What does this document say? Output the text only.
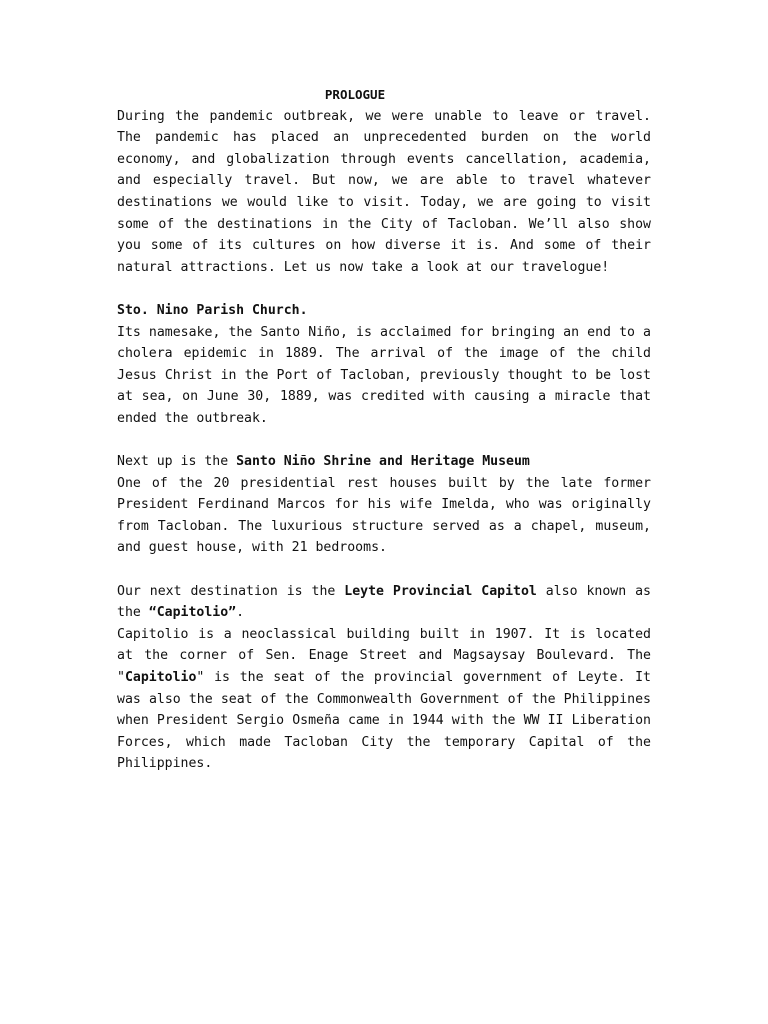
PROLOGUE

During the pandemic outbreak, we were unable to leave or travel. The pandemic has placed an unprecedented burden on the world economy, and globalization through events cancellation, academia, and especially travel. But now, we are able to travel whatever destinations we would like to visit. Today, we are going to visit some of the destinations in the City of Tacloban. We’ll also show you some of its cultures on how diverse it is. And some of their natural attractions. Let us now take a look at our travelogue!

Sto. Nino Parish Church.

Its namesake, the Santo Niño, is acclaimed for bringing an end to a cholera epidemic in 1889. The arrival of the image of the child Jesus Christ in the Port of Tacloban, previously thought to be lost at sea, on June 30, 1889, was credited with causing a miracle that ended the outbreak.

Next up is the Santo Niño Shrine and Heritage Museum

One of the 20 presidential rest houses built by the late former President Ferdinand Marcos for his wife Imelda, who was originally from Tacloban. The luxurious structure served as a chapel, museum, and guest house, with 21 bedrooms.

Our next destination is the Leyte Provincial Capitol also known as the “Capitolio”.

Capitolio is a neoclassical building built in 1907. It is located at the corner of Sen. Enage Street and Magsaysay Boulevard. The "Capitolio" is the seat of the provincial government of Leyte. It was also the seat of the Commonwealth Government of the Philippines when President Sergio Osmeña came in 1944 with the WW II Liberation Forces, which made Tacloban City the temporary Capital of the Philippines.
